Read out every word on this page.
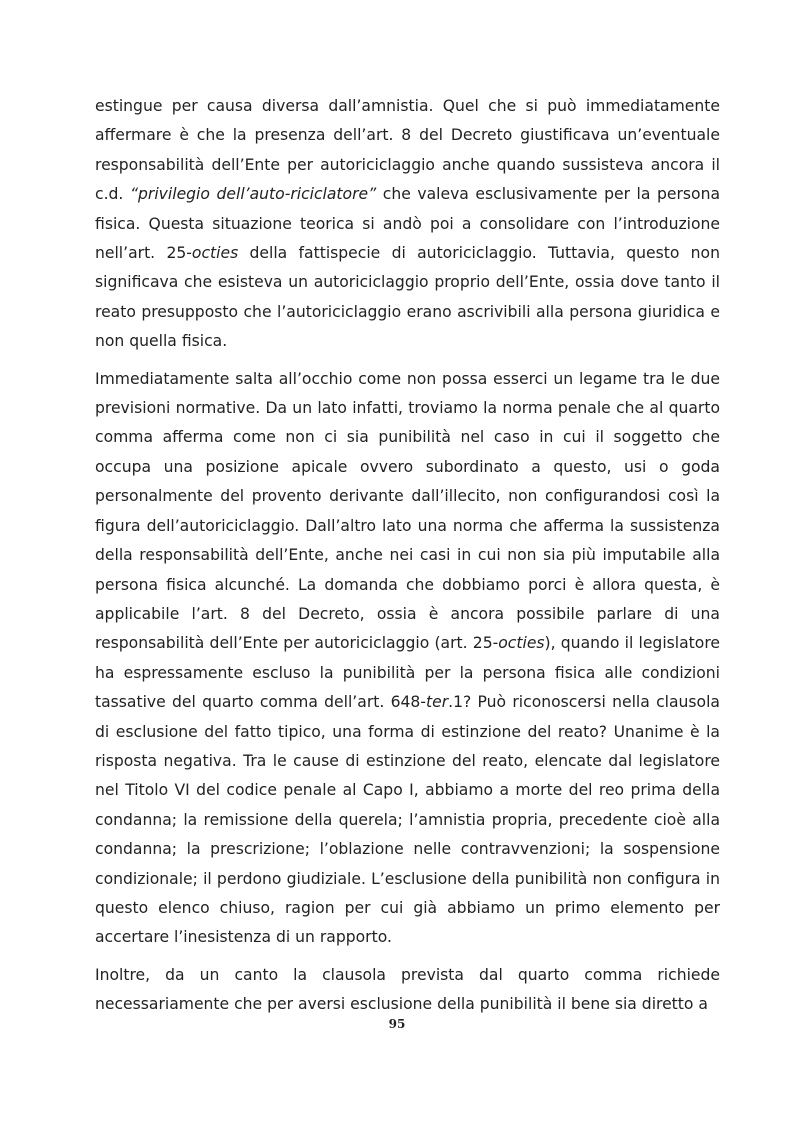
estingue per causa diversa dall’amnistia. Quel che si può immediatamente affermare è che la presenza dell’art. 8 del Decreto giustificava un’eventuale responsabilità dell’Ente per autoriciclaggio anche quando sussisteva ancora il c.d. “privilegio dell’auto-riciclatore” che valeva esclusivamente per la persona fisica. Questa situazione teorica si andò poi a consolidare con l’introduzione nell’art. 25-octies della fattispecie di autoriciclaggio. Tuttavia, questo non significava che esisteva un autoriciclaggio proprio dell’Ente, ossia dove tanto il reato presupposto che l’autoriciclaggio erano ascrivibili alla persona giuridica e non quella fisica.

Immediatamente salta all’occhio come non possa esserci un legame tra le due previsioni normative. Da un lato infatti, troviamo la norma penale che al quarto comma afferma come non ci sia punibilità nel caso in cui il soggetto che occupa una posizione apicale ovvero subordinato a questo, usi o goda personalmente del provento derivante dall’illecito, non configurandosi così la figura dell’autoriciclaggio. Dall’altro lato una norma che afferma la sussistenza della responsabilità dell’Ente, anche nei casi in cui non sia più imputabile alla persona fisica alcunché. La domanda che dobbiamo porci è allora questa, è applicabile l’art. 8 del Decreto, ossia è ancora possibile parlare di una responsabilità dell’Ente per autoriciclaggio (art. 25-octies), quando il legislatore ha espressamente escluso la punibilità per la persona fisica alle condizioni tassative del quarto comma dell’art. 648-ter.1? Può riconoscersi nella clausola di esclusione del fatto tipico, una forma di estinzione del reato? Unanime è la risposta negativa. Tra le cause di estinzione del reato, elencate dal legislatore nel Titolo VI del codice penale al Capo I, abbiamo a morte del reo prima della condanna; la remissione della querela; l’amnistia propria, precedente cioè alla condanna; la prescrizione; l’oblazione nelle contravvenzioni; la sospensione condizionale; il perdono giudiziale. L’esclusione della punibilità non configura in questo elenco chiuso, ragion per cui già abbiamo un primo elemento per accertare l’inesistenza di un rapporto.

Inoltre, da un canto la clausola prevista dal quarto comma richiede necessariamente che per aversi esclusione della punibilità il bene sia diretto a

95
